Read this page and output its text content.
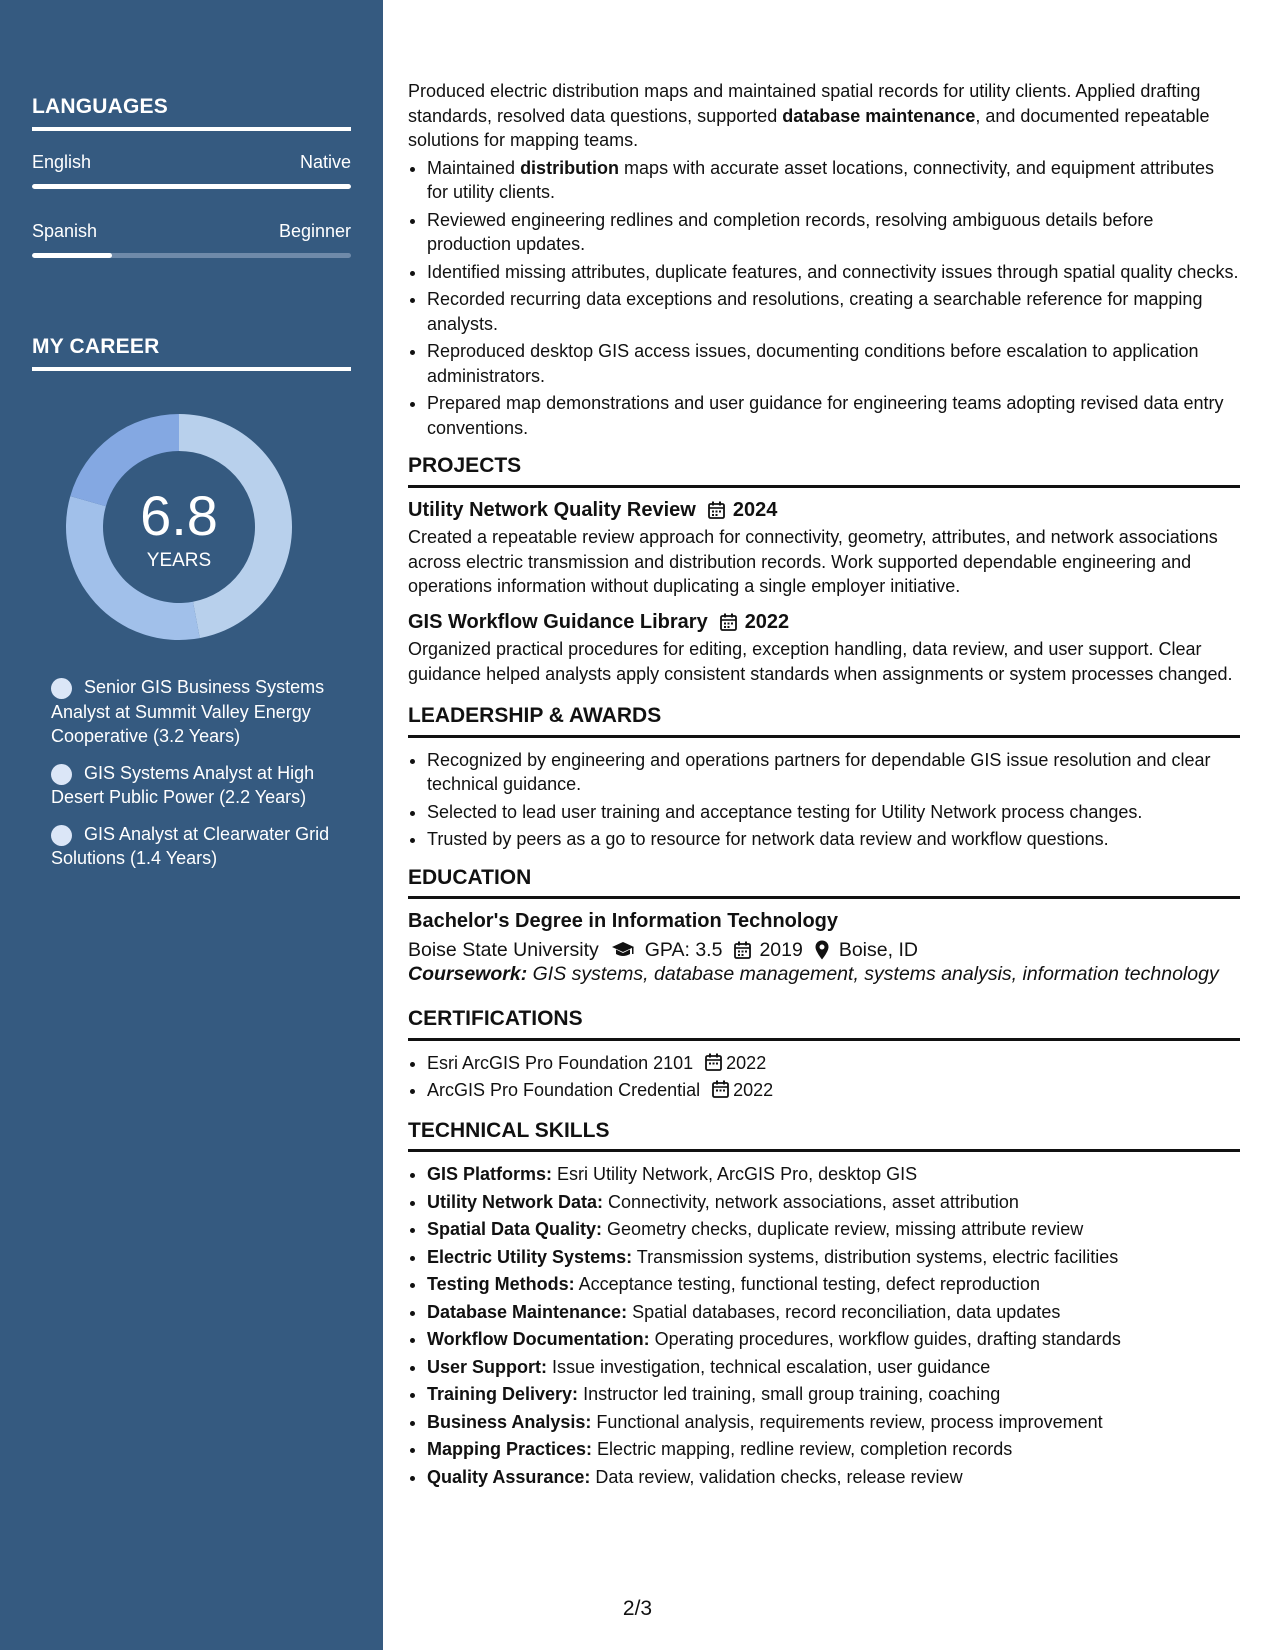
LANGUAGES
English	Native
Spanish	Beginner
MY CAREER
6.8
YEARS
Senior GIS Business Systems Analyst at Summit Valley Energy Cooperative (3.2 Years)
GIS Systems Analyst at High Desert Public Power (2.2 Years)
GIS Analyst at Clearwater Grid Solutions (1.4 Years)

Produced electric distribution maps and maintained spatial records for utility clients. Applied drafting standards, resolved data questions, supported database maintenance, and documented repeatable solutions for mapping teams.

• Maintained distribution maps with accurate asset locations, connectivity, and equipment attributes for utility clients.
• Reviewed engineering redlines and completion records, resolving ambiguous details before production updates.
• Identified missing attributes, duplicate features, and connectivity issues through spatial quality checks.
• Recorded recurring data exceptions and resolutions, creating a searchable reference for mapping analysts.
• Reproduced desktop GIS access issues, documenting conditions before escalation to application administrators.
• Prepared map demonstrations and user guidance for engineering teams adopting revised data entry conventions.
PROJECTS
Utility Network Quality Review 2024

Created a repeatable review approach for connectivity, geometry, attributes, and network associations across electric transmission and distribution records. Work supported dependable engineering and operations information without duplicating a single employer initiative.

GIS Workflow Guidance Library 2022

Organized practical procedures for editing, exception handling, data review, and user support. Clear guidance helped analysts apply consistent standards when assignments or system processes changed.

LEADERSHIP & AWARDS
• Recognized by engineering and operations partners for dependable GIS issue resolution and clear technical guidance.
• Selected to lead user training and acceptance testing for Utility Network process changes.
• Trusted by peers as a go to resource for network data review and workflow questions.
EDUCATION
Bachelor's Degree in Information Technology
Boise State University GPA: 3.5 2019 Boise, ID

Coursework: GIS systems, database management, systems analysis, information technology

CERTIFICATIONS
• Esri ArcGIS Pro Foundation 2101 2022
• ArcGIS Pro Foundation Credential 2022
TECHNICAL SKILLS
• GIS Platforms: Esri Utility Network, ArcGIS Pro, desktop GIS
• Utility Network Data: Connectivity, network associations, asset attribution
• Spatial Data Quality: Geometry checks, duplicate review, missing attribute review
• Electric Utility Systems: Transmission systems, distribution systems, electric facilities
• Testing Methods: Acceptance testing, functional testing, defect reproduction
• Database Maintenance: Spatial databases, record reconciliation, data updates
• Workflow Documentation: Operating procedures, workflow guides, drafting standards
• User Support: Issue investigation, technical escalation, user guidance
• Training Delivery: Instructor led training, small group training, coaching
• Business Analysis: Functional analysis, requirements review, process improvement
• Mapping Practices: Electric mapping, redline review, completion records
• Quality Assurance: Data review, validation checks, release review
2/3
